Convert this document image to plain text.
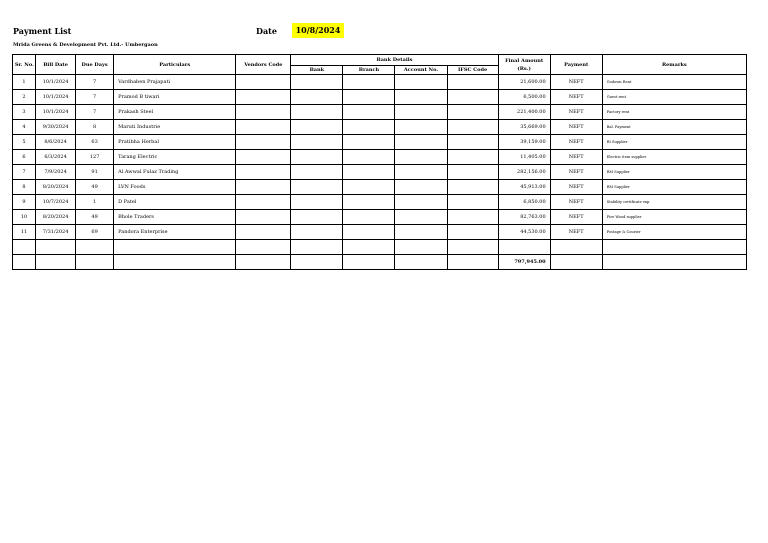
Payment List	Date	10/8/2024
Mrida Greens & Development Pvt. Ltd.- Umbergaon
Sr. No.	Bill Date	Due Days	Particulars	Vendors Code	Bank Details				Final Amount (Rs.)	Payment	Remarks
					Bank	Branch	Account No.	IFSC Code			
1	10/1/2024	7	Vardhaben Prajapati						21,600.00	NEFT	Godown Rent
2	10/1/2024	7	Pramod B tiwari						6,500.00	NEFT	Guest rent
3	10/1/2024	7	Prakash Steel						221,400.00	NEFT	Factory rent
4	9/30/2024	8	Maruti Industrie						35,669.00	NEFT	Bal. Payment
5	8/6/2024	63	Pratibha Herbal						39,159.00	NEFT	RI Supplier
6	6/3/2024	127	Tarang Electric						11,405.00	NEFT	Electric item supplier
7	7/9/2024	91	Al Awwal Fulaz Trading						282,156.00	NEFT	RM Supplier
8	8/20/2024	49	LVN Foods						45,913.00	NEFT	RM Supplier
9	10/7/2024	1	D Patel						6,850.00	NEFT	Stability certificate exp.
10	8/20/2024	49	Bhole Traders						82,763.00	NEFT	Fire Wood supplier
11	7/31/2024	69	Pandora Enterprise						44,530.00	NEFT	Postage & Courier

									797,945.00		
